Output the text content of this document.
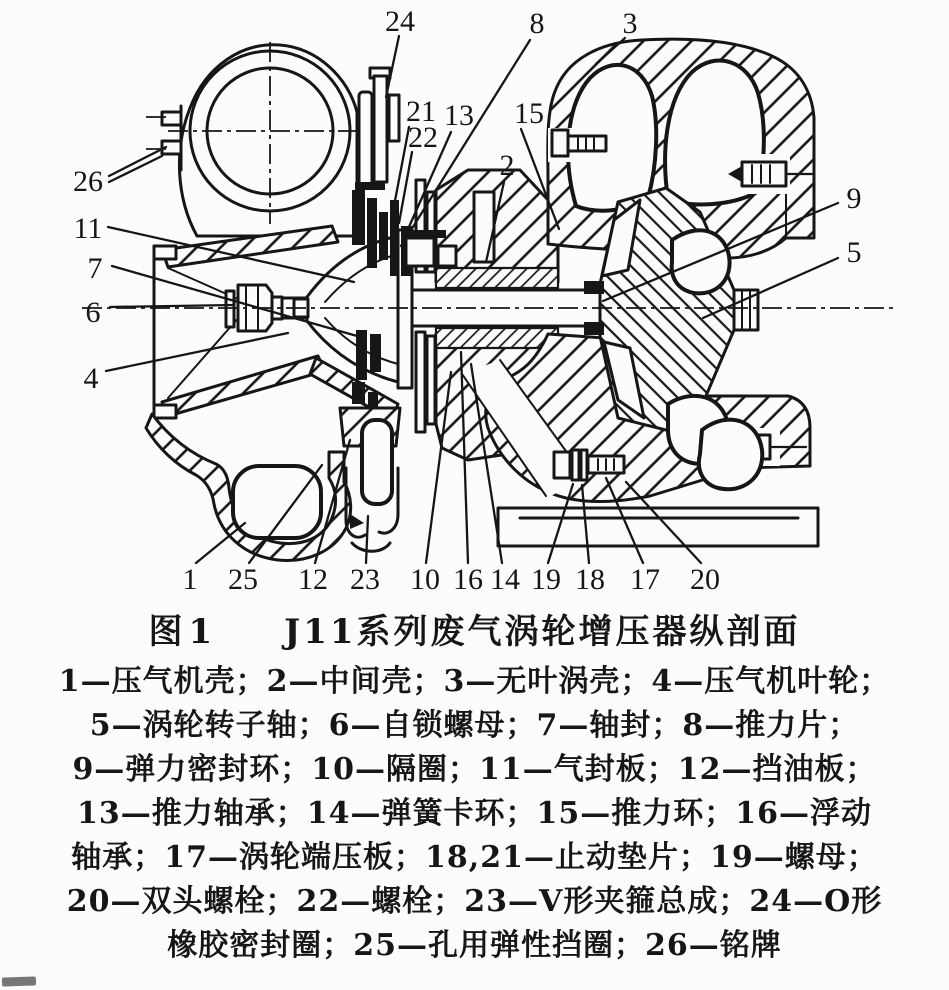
1
2
3
4
5
6
7
8
9
10
11
12
13
14
15
16	17
18
19	20
21
22
23
24
25
26
图1 J11系列废气涡轮增压器纵剖面
1—压气机壳；2—中间壳；3—无叶涡壳；4—压气机叶轮；
5—涡轮转子轴；6—自锁螺母；7—轴封；8—推力片；
9—弹力密封环；10—隔圈；11—气封板；12—挡油板；
13—推力轴承；14—弹簧卡环；15—推力环；16—浮动
轴承；17—涡轮端压板；18,21—止动垫片；19—螺母；
20—双头螺栓；22—螺栓；23—V形夹箍总成；24—O形
橡胶密封圈；25—孔用弹性挡圈；26—铭牌
